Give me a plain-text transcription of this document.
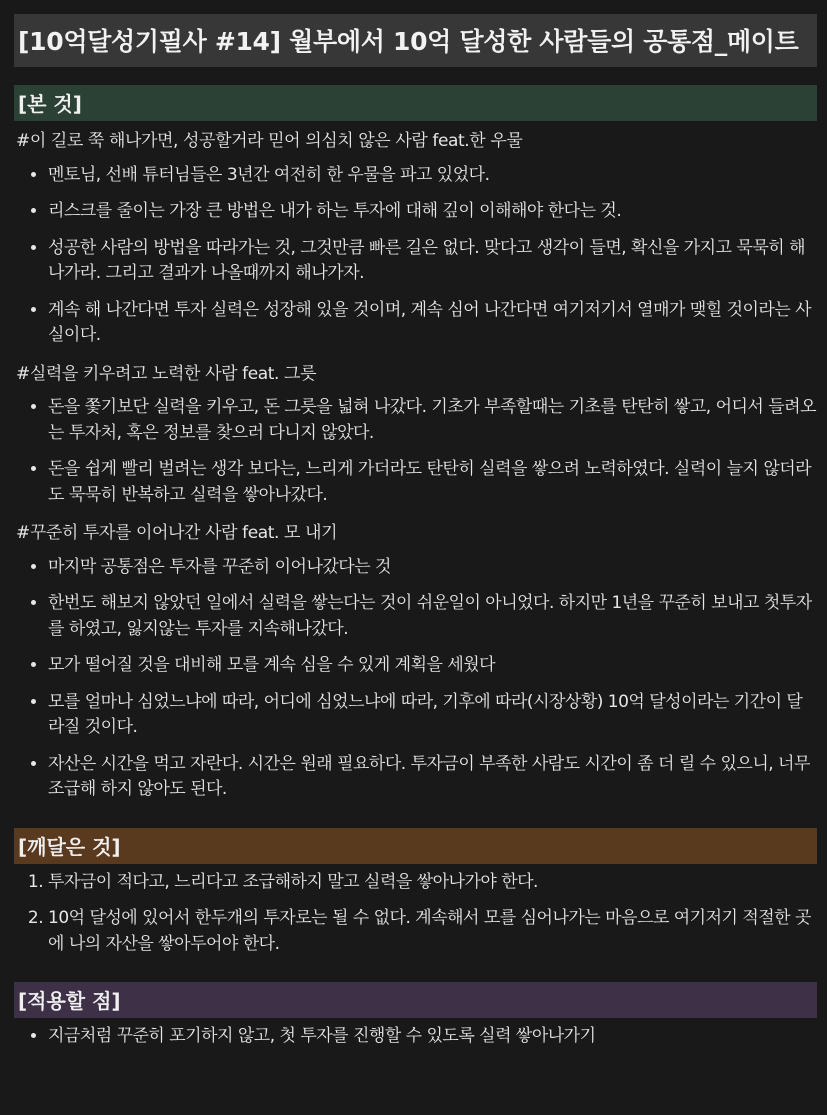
[10억달성기필사 #14] 월부에서 10억 달성한 사람들의 공통점_메이트
[본 것]
#이 길로 쭉 해나가면, 성공할거라 믿어 의심치 않은 사람 feat.한 우물
• 멘토님, 선배 튜터님들은 3년간 여전히 한 우물을 파고 있었다.
• 리스크를 줄이는 가장 큰 방법은 내가 하는 투자에 대해 깊이 이해해야 한다는 것.
• 성공한 사람의 방법을 따라가는 것, 그것만큼 빠른 길은 없다. 맞다고 생각이 들면, 확신을 가지고 묵묵히 해나가라. 그리고 결과가 나올때까지 해나가자.
• 계속 해 나간다면 투자 실력은 성장해 있을 것이며, 계속 심어 나간다면 여기저기서 열매가 맺힐 것이라는 사실이다.
#실력을 키우려고 노력한 사람 feat. 그릇
• 돈을 쫓기보단 실력을 키우고, 돈 그릇을 넓혀 나갔다. 기초가 부족할때는 기초를 탄탄히 쌓고, 어디서 들려오는 투자처, 혹은 정보를 찾으러 다니지 않았다.
• 돈을 쉽게 빨리 벌려는 생각 보다는, 느리게 가더라도 탄탄히 실력을 쌓으려 노력하였다. 실력이 늘지 않더라도 묵묵히 반복하고 실력을 쌓아나갔다.
#꾸준히 투자를 이어나간 사람 feat. 모 내기
• 마지막 공통점은 투자를 꾸준히 이어나갔다는 것
• 한번도 해보지 않았던 일에서 실력을 쌓는다는 것이 쉬운일이 아니었다. 하지만 1년을 꾸준히 보내고 첫투자를 하였고, 잃지않는 투자를 지속해나갔다.
• 모가 떨어질 것을 대비해 모를 계속 심을 수 있게 계획을 세웠다
• 모를 얼마나 심었느냐에 따라, 어디에 심었느냐에 따라, 기후에 따라(시장상황) 10억 달성이라는 기간이 달라질 것이다.
• 자산은 시간을 먹고 자란다. 시간은 원래 필요하다. 투자금이 부족한 사람도 시간이 좀 더 릴 수 있으니, 너무 조급해 하지 않아도 된다.
[깨달은 것]
1. 투자금이 적다고, 느리다고 조급해하지 말고 실력을 쌓아나가야 한다.
2. 10억 달성에 있어서 한두개의 투자로는 될 수 없다. 계속해서 모를 심어나가는 마음으로 여기저기 적절한 곳에 나의 자산을 쌓아두어야 한다.
[적용할 점]
• 지금처럼 꾸준히 포기하지 않고, 첫 투자를 진행할 수 있도록 실력 쌓아나가기
